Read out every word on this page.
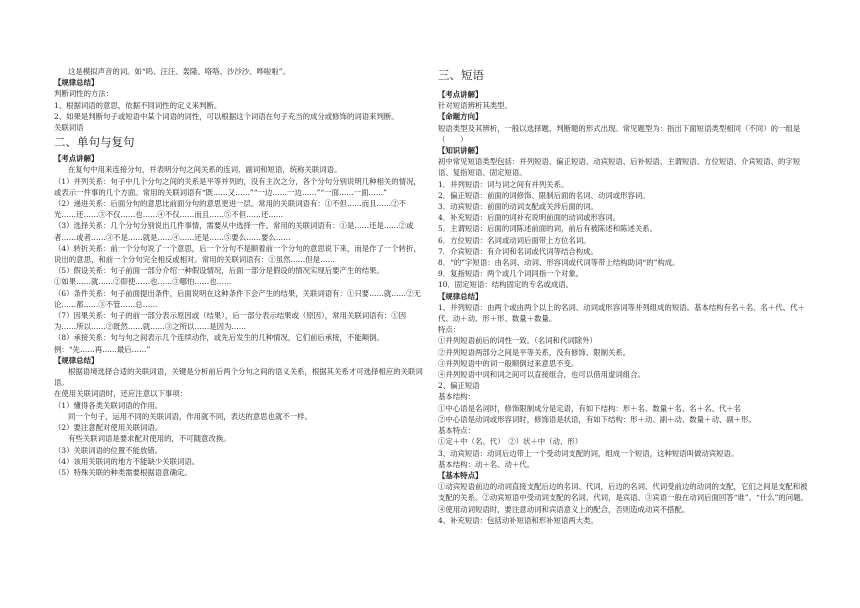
这是模拟声音的词。如“呜、汪汪、轰隆、咯咯、沙沙沙、哗啦啦”。

【规律总结】

判断词性的方法：

1、根据词语的意思，依据不同词性的定义来判断。

2、如果是判断句子或短语中某个词语的词性，可以根据这个词语在句子充当的成分或修饰的词语来判断。

关联词语

二、单句与复句

【考点讲解】

在复句中用来连接分句，并表明分句之间关系的连词、副词和短语，统称关联词语。

（1）并列关系：句子中几个分句之间的关系是平等并列的，没有主次之分，各个分句分别说明几种相关的情况，或表示一件事的几个方面。常用的关联词语有“既……又……”“一边……一边……”“一面……一面……”

（2）递进关系：后面分句的意思比前面分句的意思更进一层。常用的关联词语有：①不但……而且……②不光……还……③不仅……也……④不仅……而且……⑤不但……还……

（3）选择关系：几个分句分别说出几件事情，需要从中选择一件。常用的关联词语有：①是……还是……②或者……或者……③不是……就是……④……还是……⑤要么……要么……

（4）转折关系：前一个分句说了一个意思，后一个分句不是顺着前一个分句的意思说下来，而是作了一个转折，说出的意思，和前一个分句完全相反或相对。常用的关联词语有：①虽然……但是……

（5）假设关系：句子前面一部分介绍一种假设情况，后面一部分是假设的情况实现后要产生的结果。

①如果……就……②即使……也……③哪怕……也……

（6）条件关系：句子前面提出条件，后面说明在这种条件下会产生的结果，关联词语有：①只要……就……②无论……都……③不管……总……

（7）因果关系：句子的前一部分表示原因或（结果），后一部分表示结果或（原因），常用关联词语有：①因为……所以……②既然……就……③之所以……是因为……

（8）承接关系：句与句之间表示几个连续动作，或先后发生的几种情况，它们前后承接，不能颠倒。

例：“先……再……最后……”

【规律总结】

根据语境选择合适的关联词语，关键是分析前后两个分句之间的语义关系，根据其关系才可选择相应的关联词语。

在使用关联词语时，还应注意以下事项：

（1）懂得各类关联词语的作用。

同一个句子，运用不同的关联词语，作用就不同，表达的意思也就不一样。

（2）要注意配对使用关联词语。

有些关联词语是要求配对使用的，不可随意改换。

（3）关联词语的位置不能放错。

（4）该用关联词的地方不能缺少关联词语。

（5）特殊关联的种类需要根据语意确定。

三、短语

【考点讲解】

针对短语辨析其类型。

【命题方向】

短语类型及其辨析，一般以选择题、判断题的形式出现。常见题型为：指出下面短语类型相同（不同）的一组是（　　）

【知识讲解】

初中常见短语类型包括：并列短语、偏正短语、动宾短语、后补短语、主谓短语、方位短语、介宾短语、的字短语、复指短语、固定短语。

1．并列短语：词与词之间有并列关系。

2．偏正短语：前面的词修饰、限制后面的名词、动词或形容词。

3．动宾短语：前面的动词支配或关涉后面的词。

4．补充短语：后面的词补充说明前面的动词或形容词。

5．主谓短语：后面的词陈述前面的词，前后有被陈述和陈述关系。

6．方位短语：名词或动词后面带上方位名词。

7．介宾短语：有介词和名词或代词等结合构成。

8．“的”字短语：由名词、动词、形容词或代词等带上结构助词“的”构成。

9．复指短语：两个或几个词同指一个对象。

10．固定短语：结构固定的专名或成语。

【规律总结】

1、并列短语：由两个或由两个以上的名词、动词或形容词等并列组成的短语。基本结构有名＋名、名＋代、代＋代、动＋动、形＋形、数量＋数量。

特点：

①并列短语前后的词性一致。（名词和代词除外）

②并列短语两部分之间是平等关系，没有修饰、限制关系。

③并列短语中的词一般顺倒过来意思不变。

④并列短语中词和词之间可以直接组合，也可以借用虚词组合。

2、偏正短语

基本结构：

①中心语是名词时，修饰限制成分是定语，有如下结构：形＋名、数量＋名、名＋名、代＋名

②中心语是动词或形容词时，修饰语是状语，有如下结构：形＋动、副＋动、数量＋动、副＋形。

基本特点：

①定＋中（名、代）　②）状＋中（动、形）

3、动宾短语：动词后边带上一个受动词支配的词，组成一个短语，这种短语叫做动宾短语。

基本结构：动＋名、动＋代。

【基本特点】

①动宾短语前边的动词直接支配后边的名词、代词，后边的名词、代词受前边的动词的支配，它们之间是支配和被支配的关系。②动宾短语中受动词支配的名词、代词，是宾语。③宾语一般在动词后面回答“谁”、“什么”的问题。④使用动词短语时，要注意动词和宾语意义上的配合，否则造成动宾不搭配。

4、补充短语：包括动补短语和形补短语两大类。
